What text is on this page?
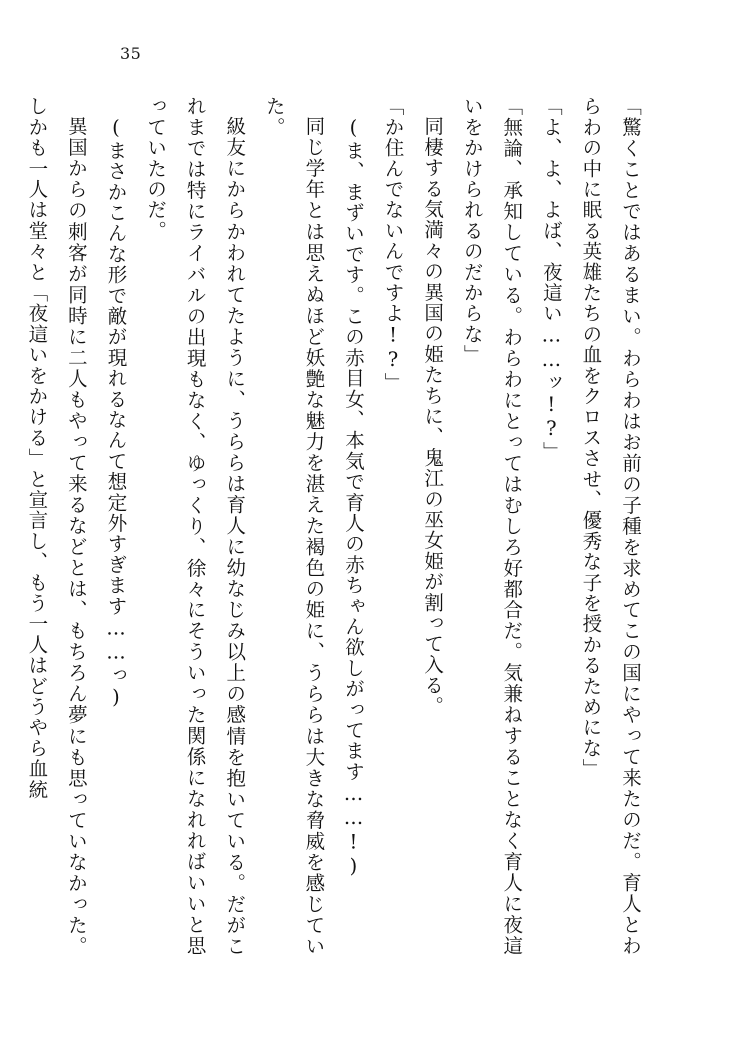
35

「驚くことではあるまい。わらわはお前の子種を求めてこの国にやって来たのだ。育人とわらわの中に眠る英雄たちの血をクロスさせ、優秀な子を授かるためにな」

「よ、よ、よば、夜這い……ッ!?」

「無論、承知している。わらわにとってはむしろ好都合だ。気兼ねすることなく育人に夜這いをかけられるのだからな」

同棲する気満々の異国の姫たちに、鬼江の巫女姫が割って入る。

「か住んでないんですよ!?」

(ま、まずいです。この赤目女、本気で育人の赤ちゃん欲しがってます……!)

同じ学年とは思えぬほど妖艶な魅力を湛えた褐色の姫に、うららは大きな脅威を感じていた。

級友にからかわれてたように、うららは育人に幼なじみ以上の感情を抱いている。だがこれまでは特にライバルの出現もなく、ゆっくり、徐々にそういった関係になれればいいと思っていたのだ。

(まさかこんな形で敵が現れるなんて想定外すぎます……っ)

異国からの刺客が同時に二人もやって来るなどとは、もちろん夢にも思っていなかった。しかも一人は堂々と「夜這いをかける」と宣言し、もう一人はどうやら血統
